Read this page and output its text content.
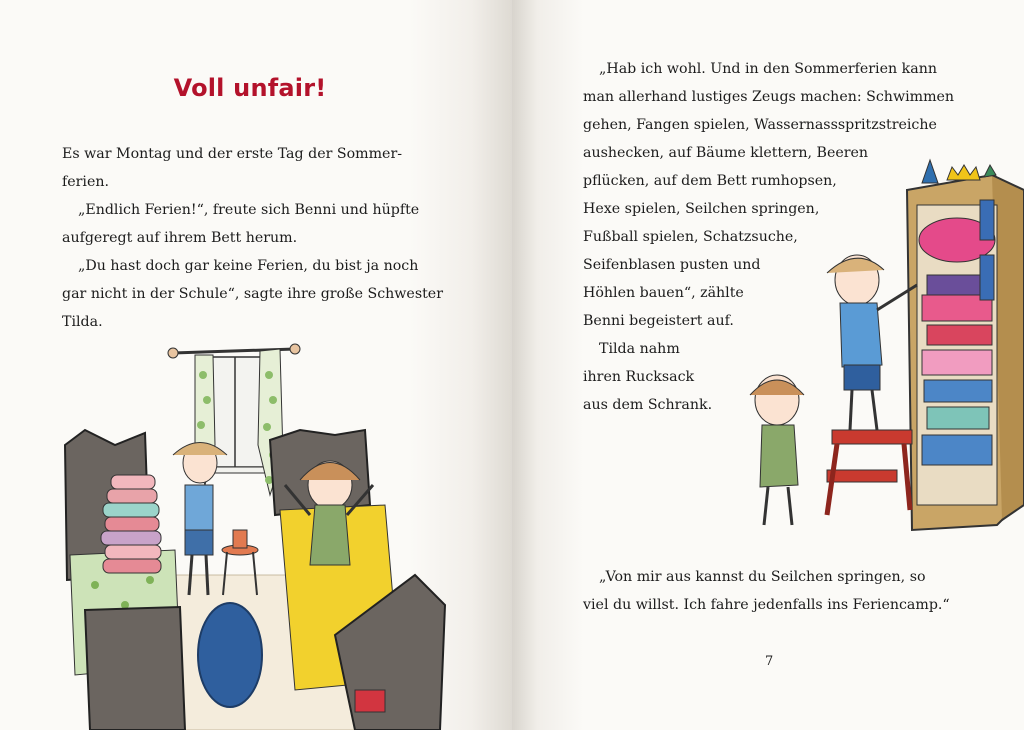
Voll unfair!
Es war Montag und der erste Tag der Sommer-
ferien.
„Endlich Ferien!“, freute sich Benni und hüpfte
aufgeregt auf ihrem Bett herum.
„Du hast doch gar keine Ferien, du bist ja noch
gar nicht in der Schule“, sagte ihre große Schwester
Tilda.
„Hab ich wohl. Und in den Sommerferien kann
man allerhand lustiges Zeugs machen: Schwimmen
gehen, Fangen spielen, Wassernassspritzstreiche
aushecken, auf Bäume klettern, Beeren
pflücken, auf dem Bett rumhopsen,
Hexe spielen, Seilchen springen,
Fußball spielen, Schatzsuche,
Seifenblasen pusten und
Höhlen bauen“, zählte
Benni begeistert auf.
Tilda nahm
ihren Rucksack
aus dem Schrank.
„Von mir aus kannst du Seilchen springen, so
viel du willst. Ich fahre jedenfalls ins Feriencamp.“
7
